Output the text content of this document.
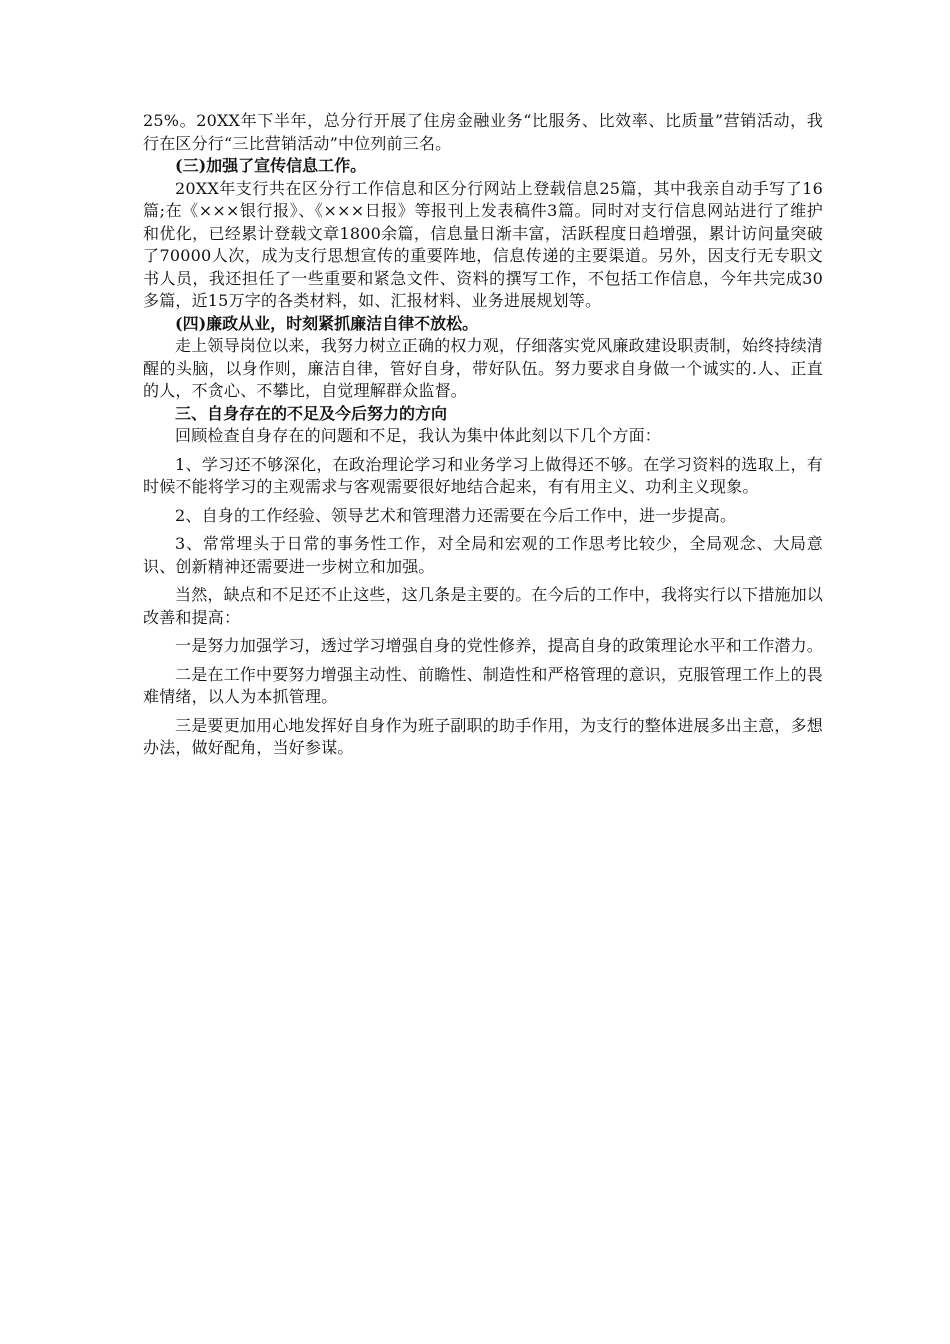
25%。20XX年下半年，总分行开展了住房金融业务“比服务、比效率、比质量”营销活动，我行在区分行“三比营销活动”中位列前三名。

(三)加强了宣传信息工作。

20XX年支行共在区分行工作信息和区分行网站上登载信息25篇，其中我亲自动手写了16篇;在《×××银行报》、《×××日报》等报刊上发表稿件3篇。同时对支行信息网站进行了维护和优化，已经累计登载文章1800余篇，信息量日渐丰富，活跃程度日趋增强，累计访问量突破了70000人次，成为支行思想宣传的重要阵地，信息传递的主要渠道。另外，因支行无专职文书人员，我还担任了一些重要和紧急文件、资料的撰写工作，不包括工作信息，今年共完成30多篇，近15万字的各类材料，如、汇报材料、业务进展规划等。

(四)廉政从业，时刻紧抓廉洁自律不放松。

走上领导岗位以来，我努力树立正确的权力观，仔细落实党风廉政建设职责制，始终持续清醒的头脑，以身作则，廉洁自律，管好自身，带好队伍。努力要求自身做一个诚实的.人、正直的人，不贪心、不攀比，自觉理解群众监督。

三、自身存在的不足及今后努力的方向

回顾检查自身存在的问题和不足，我认为集中体此刻以下几个方面：

1、学习还不够深化，在政治理论学习和业务学习上做得还不够。在学习资料的选取上，有时候不能将学习的主观需求与客观需要很好地结合起来，有有用主义、功利主义现象。

2、自身的工作经验、领导艺术和管理潜力还需要在今后工作中，进一步提高。

3、常常埋头于日常的事务性工作，对全局和宏观的工作思考比较少，全局观念、大局意识、创新精神还需要进一步树立和加强。

当然，缺点和不足还不止这些，这几条是主要的。在今后的工作中，我将实行以下措施加以改善和提高：

一是努力加强学习，透过学习增强自身的党性修养，提高自身的政策理论水平和工作潜力。

二是在工作中要努力增强主动性、前瞻性、制造性和严格管理的意识，克服管理工作上的畏难情绪，以人为本抓管理。

三是要更加用心地发挥好自身作为班子副职的助手作用，为支行的整体进展多出主意，多想办法，做好配角，当好参谋。
